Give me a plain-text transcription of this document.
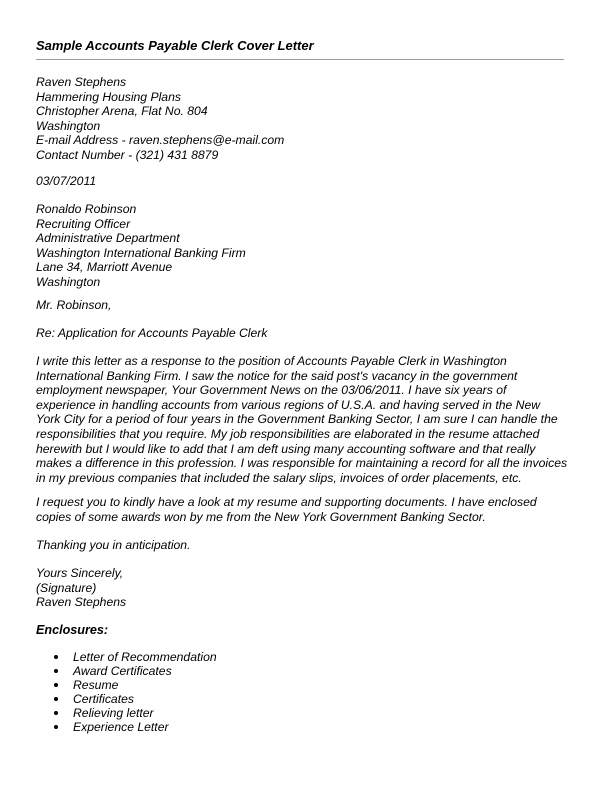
Sample Accounts Payable Clerk Cover Letter
Raven Stephens
Hammering Housing Plans
Christopher Arena, Flat No. 804
Washington
E-mail Address - raven.stephens@e-mail.com
Contact Number - (321) 431 8879
03/07/2011
Ronaldo Robinson
Recruiting Officer
Administrative Department
Washington International Banking Firm
Lane 34, Marriott Avenue
Washington
Mr. Robinson,
Re: Application for Accounts Payable Clerk
I write this letter as a response to the position of Accounts Payable Clerk in Washington
International Banking Firm. I saw the notice for the said post's vacancy in the government
employment newspaper, Your Government News on the 03/06/2011. I have six years of
experience in handling accounts from various regions of U.S.A. and having served in the New
York City for a period of four years in the Government Banking Sector, I am sure I can handle the
responsibilities that you require. My job responsibilities are elaborated in the resume attached
herewith but I would like to add that I am deft using many accounting software and that really
makes a difference in this profession. I was responsible for maintaining a record for all the invoices
in my previous companies that included the salary slips, invoices of order placements, etc.
I request you to kindly have a look at my resume and supporting documents. I have enclosed
copies of some awards won by me from the New York Government Banking Sector.
Thanking you in anticipation.
Yours Sincerely,
(Signature)
Raven Stephens
Enclosures:
Letter of Recommendation
Award Certificates
Resume
Certificates
Relieving letter
Experience Letter
